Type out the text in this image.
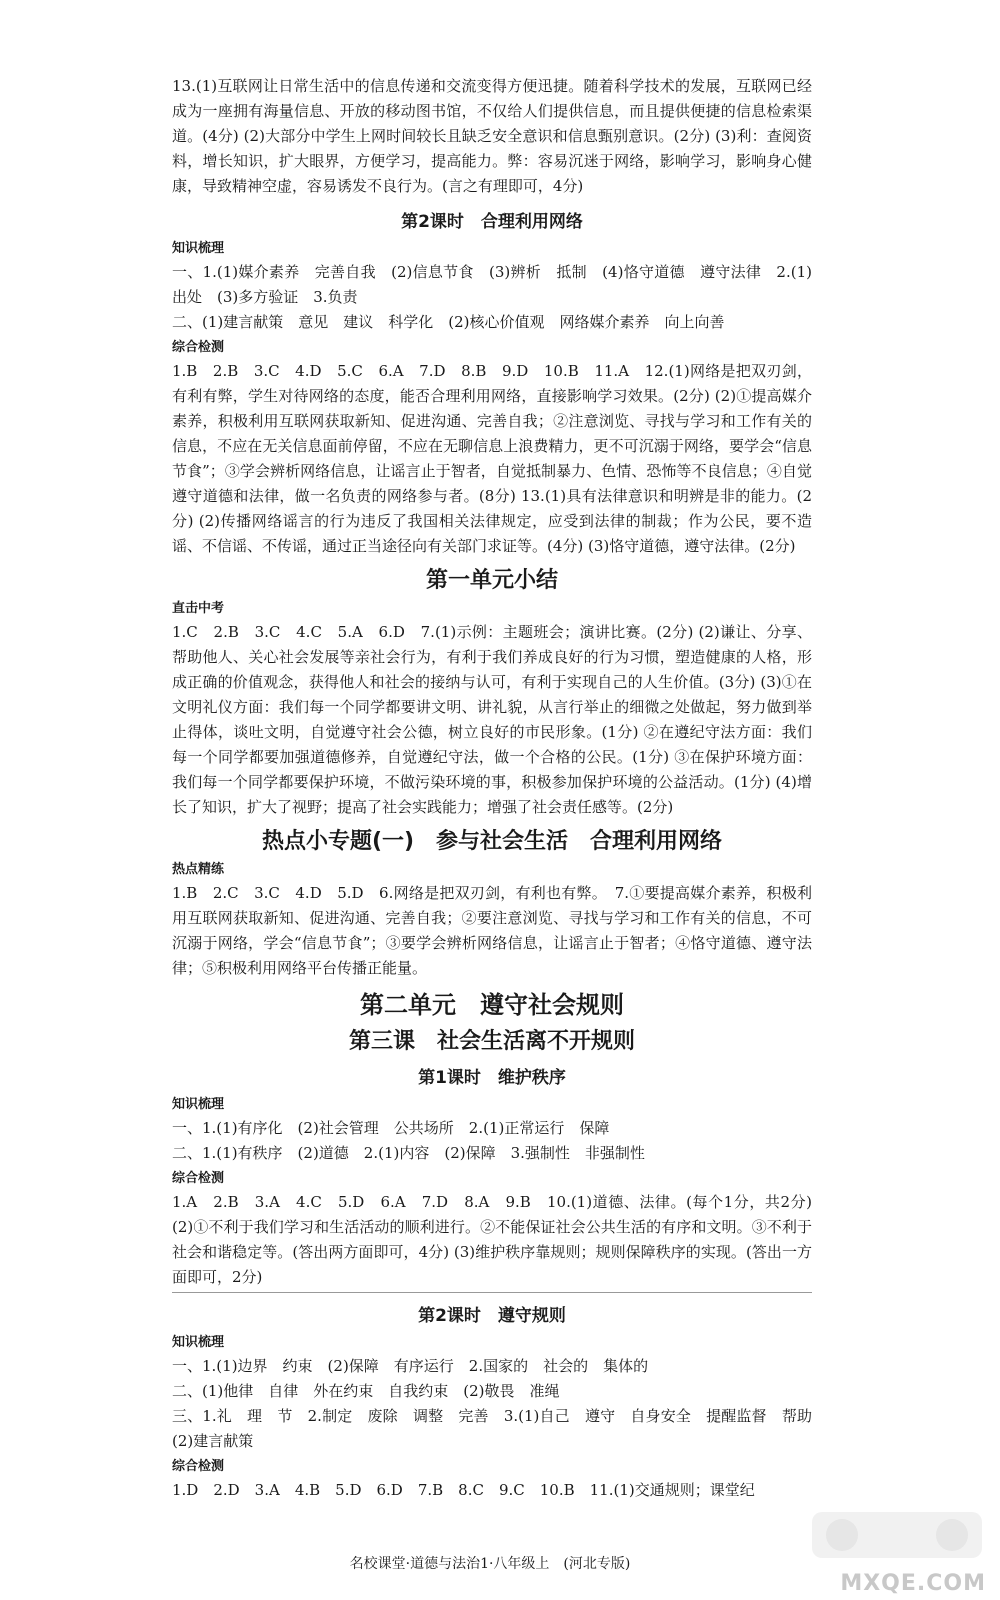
13.(1)互联网让日常生活中的信息传递和交流变得方便迅捷。随着科学技术的发展，互联网已经成为一座拥有海量信息、开放的移动图书馆，不仅给人们提供信息，而且提供便捷的信息检索渠道。(4分) (2)大部分中学生上网时间较长且缺乏安全意识和信息甄别意识。(2分) (3)利：查阅资料，增长知识，扩大眼界，方便学习，提高能力。弊：容易沉迷于网络，影响学习，影响身心健康，导致精神空虚，容易诱发不良行为。(言之有理即可，4分)

第2课时　合理利用网络
知识梳理

一、1.(1)媒介素养　完善自我　(2)信息节食　(3)辨析　抵制　(4)恪守道德　遵守法律　2.(1)出处　(3)多方验证　3.负责

二、(1)建言献策　意见　建议　科学化　(2)核心价值观　网络媒介素养　向上向善

综合检测

1.B　2.B　3.C　4.D　5.C　6.A　7.D　8.B　9.D　10.B　11.A　12.(1)网络是把双刃剑，有利有弊，学生对待网络的态度，能否合理利用网络，直接影响学习效果。(2分) (2)①提高媒介素养，积极利用互联网获取新知、促进沟通、完善自我；②注意浏览、寻找与学习和工作有关的信息，不应在无关信息面前停留，不应在无聊信息上浪费精力，更不可沉溺于网络，要学会“信息节食”；③学会辨析网络信息，让谣言止于智者，自觉抵制暴力、色情、恐怖等不良信息；④自觉遵守道德和法律，做一名负责的网络参与者。(8分) 13.(1)具有法律意识和明辨是非的能力。(2分) (2)传播网络谣言的行为违反了我国相关法律规定，应受到法律的制裁；作为公民，要不造谣、不信谣、不传谣，通过正当途径向有关部门求证等。(4分) (3)恪守道德，遵守法律。(2分)

第一单元小结
直击中考

1.C　2.B　3.C　4.C　5.A　6.D　7.(1)示例：主题班会；演讲比赛。(2分) (2)谦让、分享、帮助他人、关心社会发展等亲社会行为，有利于我们养成良好的行为习惯，塑造健康的人格，形成正确的价值观念，获得他人和社会的接纳与认可，有利于实现自己的人生价值。(3分) (3)①在文明礼仪方面：我们每一个同学都要讲文明、讲礼貌，从言行举止的细微之处做起，努力做到举止得体，谈吐文明，自觉遵守社会公德，树立良好的市民形象。(1分) ②在遵纪守法方面：我们每一个同学都要加强道德修养，自觉遵纪守法，做一个合格的公民。(1分) ③在保护环境方面：我们每一个同学都要保护环境，不做污染环境的事，积极参加保护环境的公益活动。(1分) (4)增长了知识，扩大了视野；提高了社会实践能力；增强了社会责任感等。(2分)

热点小专题(一)　参与社会生活　合理利用网络
热点精练

1.B　2.C　3.C　4.D　5.D　6.网络是把双刃剑，有利也有弊。　7.①要提高媒介素养，积极利用互联网获取新知、促进沟通、完善自我；②要注意浏览、寻找与学习和工作有关的信息，不可沉溺于网络，学会“信息节食”；③要学会辨析网络信息，让谣言止于智者；④恪守道德、遵守法律；⑤积极利用网络平台传播正能量。

第二单元　遵守社会规则
第三课　社会生活离不开规则
第1课时　维护秩序
知识梳理

一、1.(1)有序化　(2)社会管理　公共场所　2.(1)正常运行　保障

二、1.(1)有秩序　(2)道德　2.(1)内容　(2)保障　3.强制性　非强制性

综合检测

1.A　2.B　3.A　4.C　5.D　6.A　7.D　8.A　9.B　10.(1)道德、法律。(每个1分，共2分) (2)①不利于我们学习和生活活动的顺利进行。②不能保证社会公共生活的有序和文明。③不利于社会和谐稳定等。(答出两方面即可，4分) (3)维护秩序靠规则；规则保障秩序的实现。(答出一方面即可，2分)

第2课时　遵守规则
知识梳理

一、1.(1)边界　约束　(2)保障　有序运行　2.国家的　社会的　集体的

二、(1)他律　自律　外在约束　自我约束　(2)敬畏　准绳

三、1.礼　理　节　2.制定　废除　调整　完善　3.(1)自己　遵守　自身安全　提醒监督　帮助　(2)建言献策

综合检测

1.D　2.D　3.A　4.B　5.D　6.D　7.B　8.C　9.C　10.B　11.(1)交通规则；课堂纪

名校课堂·道德与法治1·八年级上　(河北专版)
MXQE.COM
